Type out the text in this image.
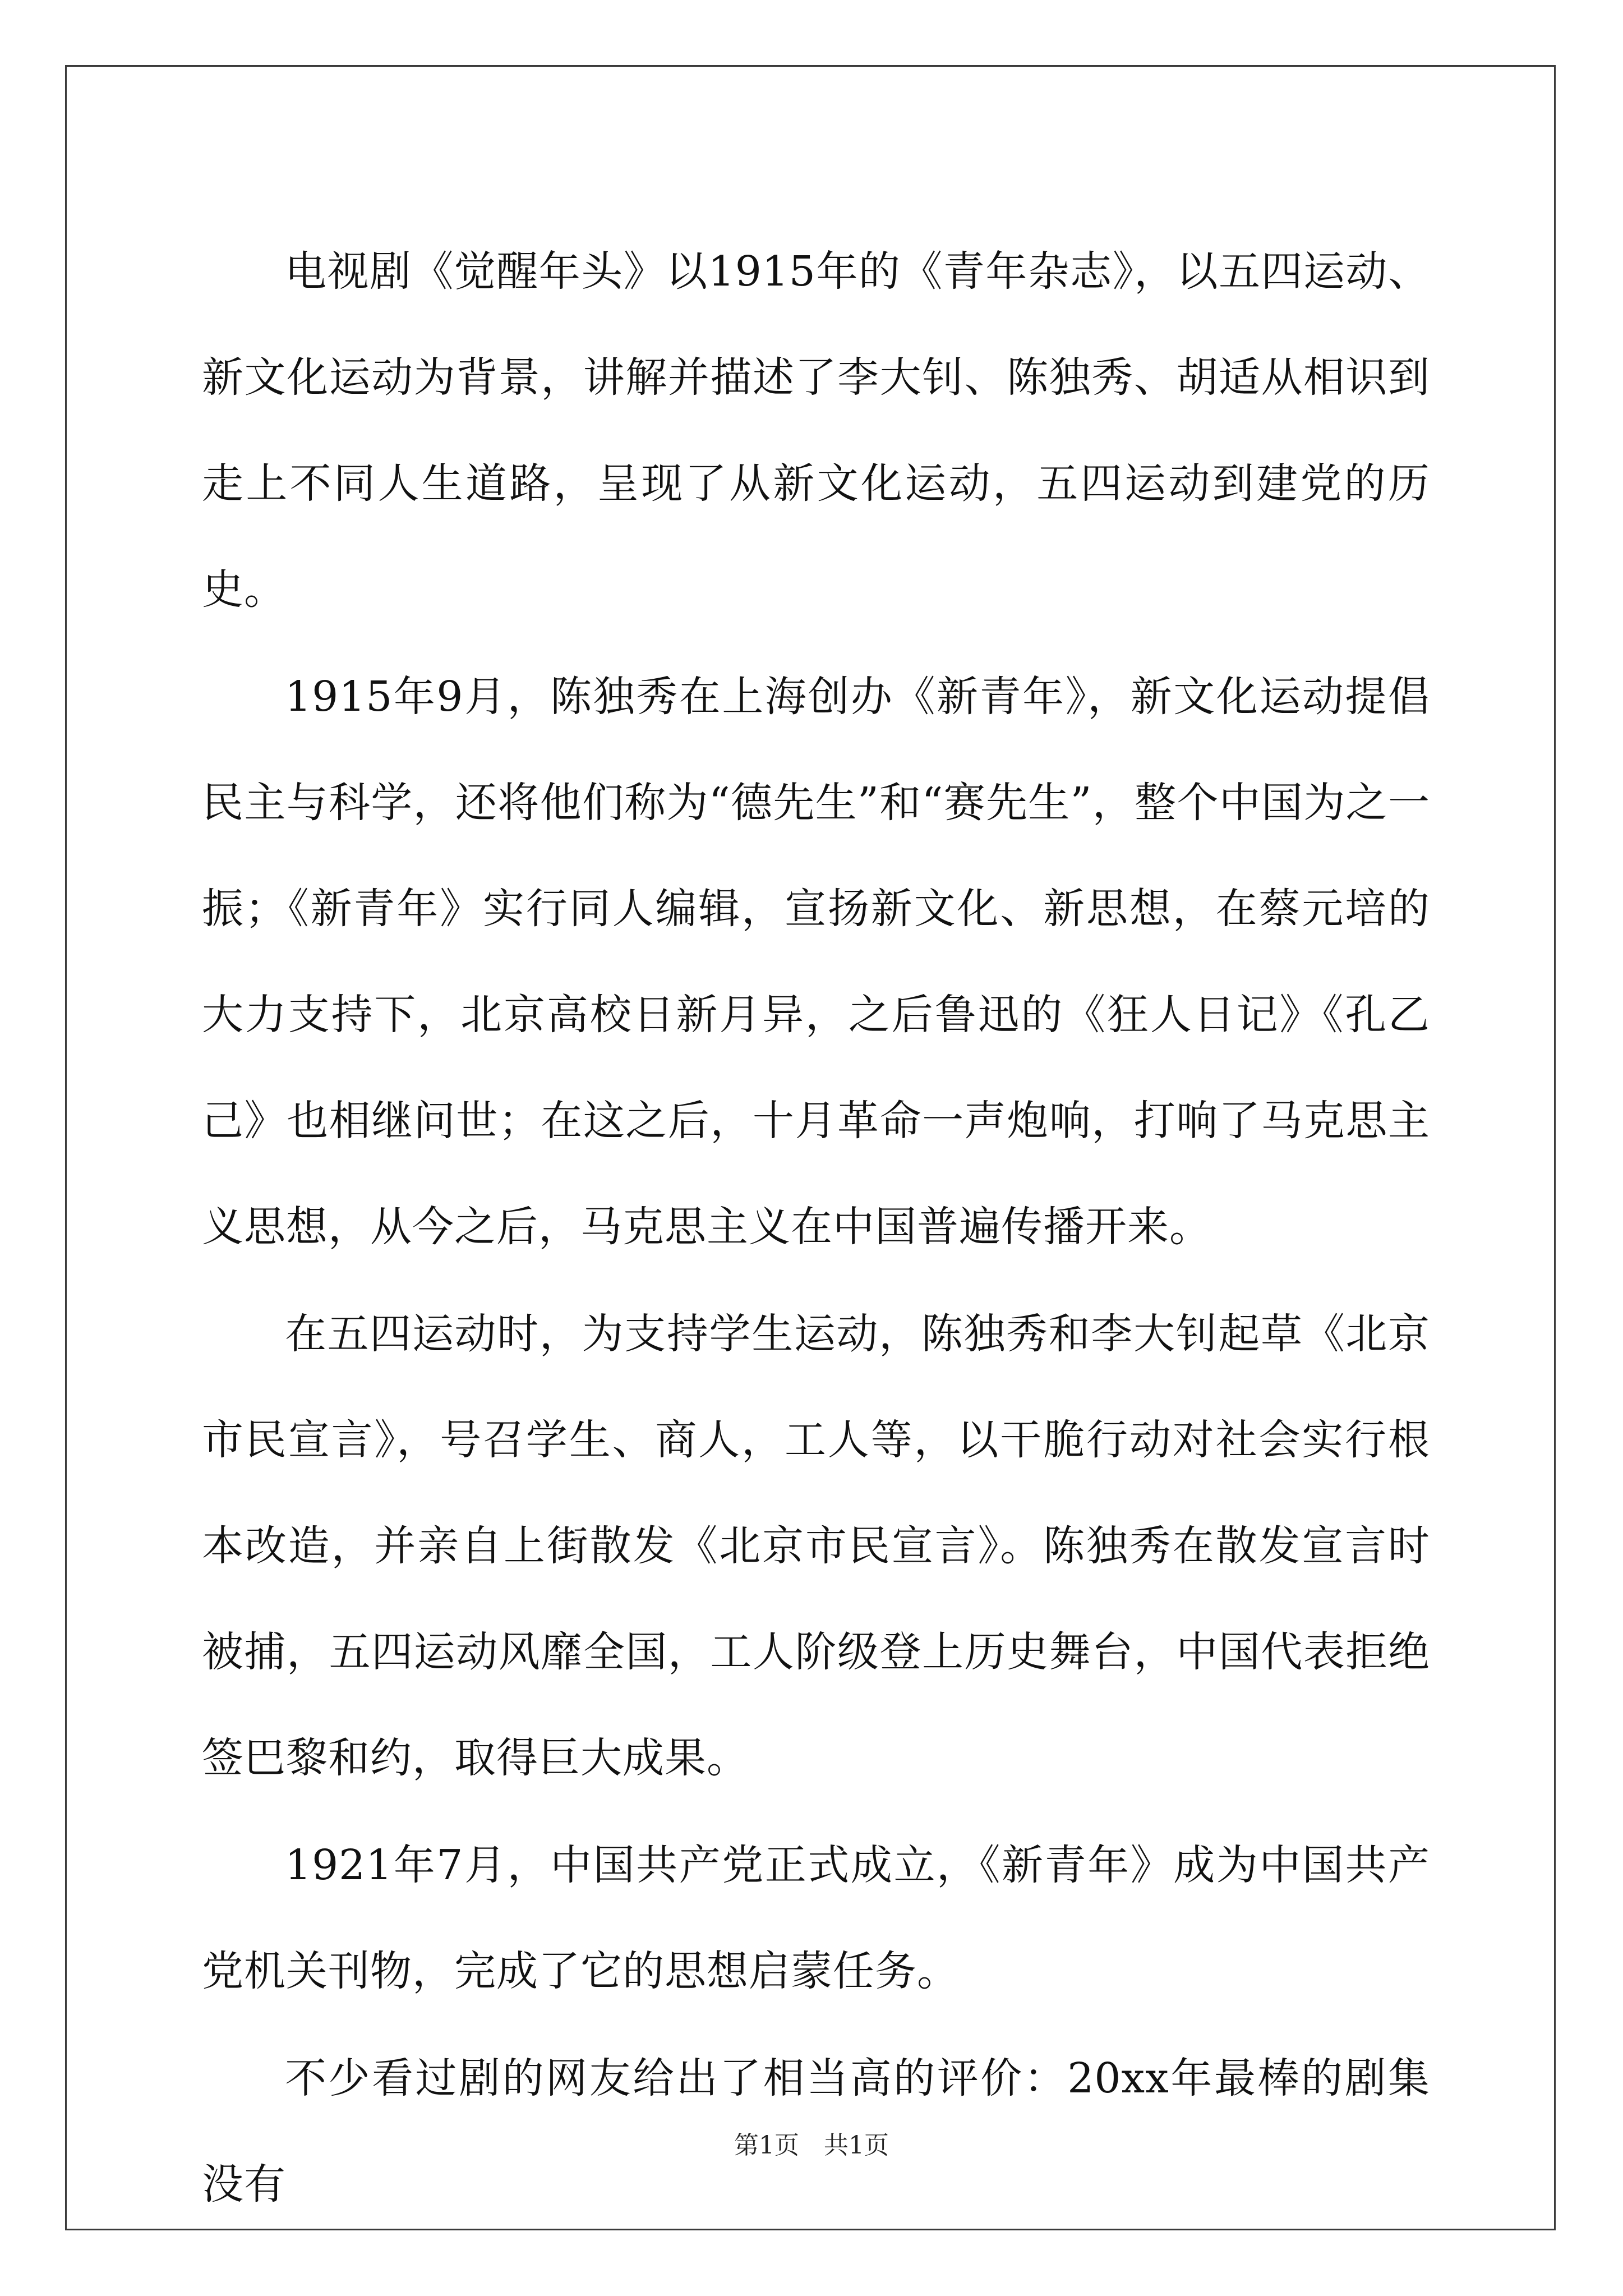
电视剧《觉醒年头》以1915年的《青年杂志》，以五四运动、新文化运动为背景，讲解并描述了李大钊、陈独秀、胡适从相识到走上不同人生道路，呈现了从新文化运动，五四运动到建党的历史。

1915年9月，陈独秀在上海创办《新青年》，新文化运动提倡民主与科学，还将他们称为“德先生”和“赛先生”，整个中国为之一振；《新青年》实行同人编辑，宣扬新文化、新思想，在蔡元培的大力支持下，北京高校日新月异，之后鲁迅的《狂人日记》《孔乙己》也相继问世；在这之后，十月革命一声炮响，打响了马克思主义思想，从今之后，马克思主义在中国普遍传播开来。

在五四运动时，为支持学生运动，陈独秀和李大钊起草《北京市民宣言》，号召学生、商人，工人等，以干脆行动对社会实行根本改造，并亲自上街散发《北京市民宣言》。陈独秀在散发宣言时被捕，五四运动风靡全国，工人阶级登上历史舞台，中国代表拒绝签巴黎和约，取得巨大成果。

1921年7月，中国共产党正式成立，《新青年》成为中国共产党机关刊物，完成了它的思想启蒙任务。

不少看过剧的网友给出了相当高的评价：20xx年最棒的剧集没有

第1页　共1页
